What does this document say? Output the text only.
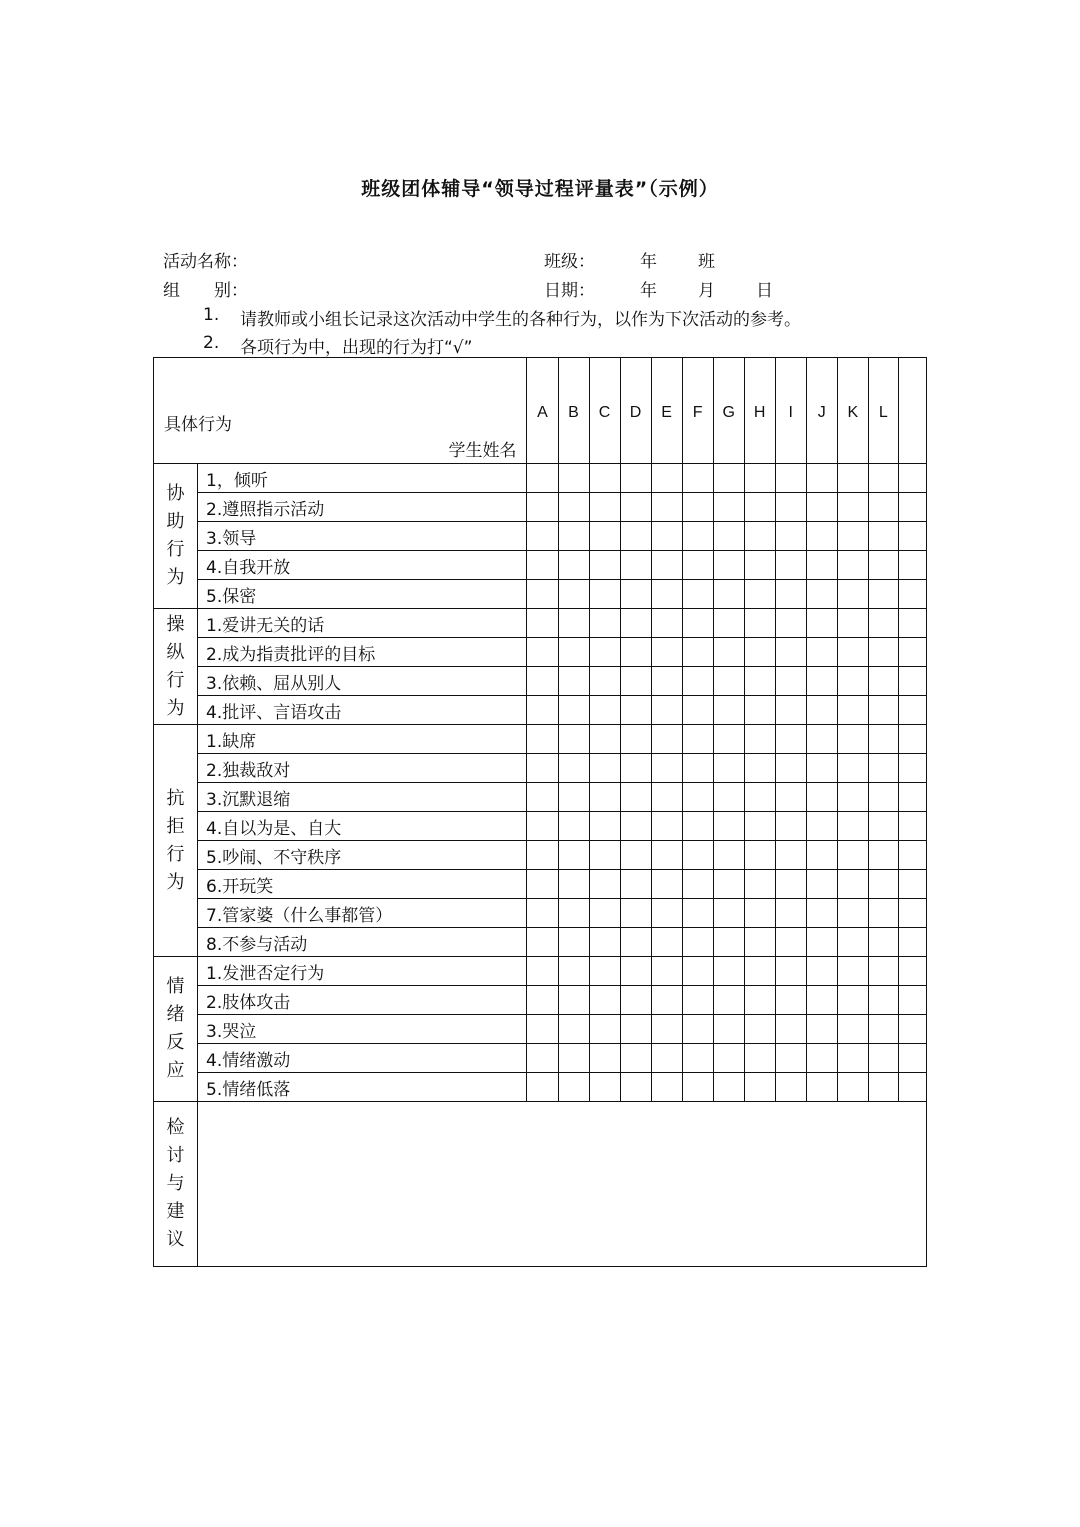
班级团体辅导“领导过程评量表”（示例）
活动名称：	班级：	年 班
组　　别：	日期：	年 月 日
1. 请教师或小组长记录这次活动中学生的各种行为，以作为下次活动的参考。
2. 各项行为中，出现的行为打“√”
具体行为
学生姓名		A	B	C	D	E	F	G	H	I	J	K	L	

协助行为	1，倾听													
	2.遵照指示活动													
	3.领导													
	4.自我开放													
	5.保密													

操纵行为	1.爱讲无关的话													
	2.成为指责批评的目标													
	3.依赖、屈从别人													
	4.批评、言语攻击													

抗拒行为	1.缺席													
	2.独裁敌对													
	3.沉默退缩													
	4.自以为是、自大													
	5.吵闹、不守秩序													
	6.开玩笑													
	7.管家婆（什么事都管）													
	8.不参与活动													

情绪反应	1.发泄否定行为													
	2.肢体攻击													
	3.哭泣													
	4.情绪激动													
	5.情绪低落													

检讨与建议														
